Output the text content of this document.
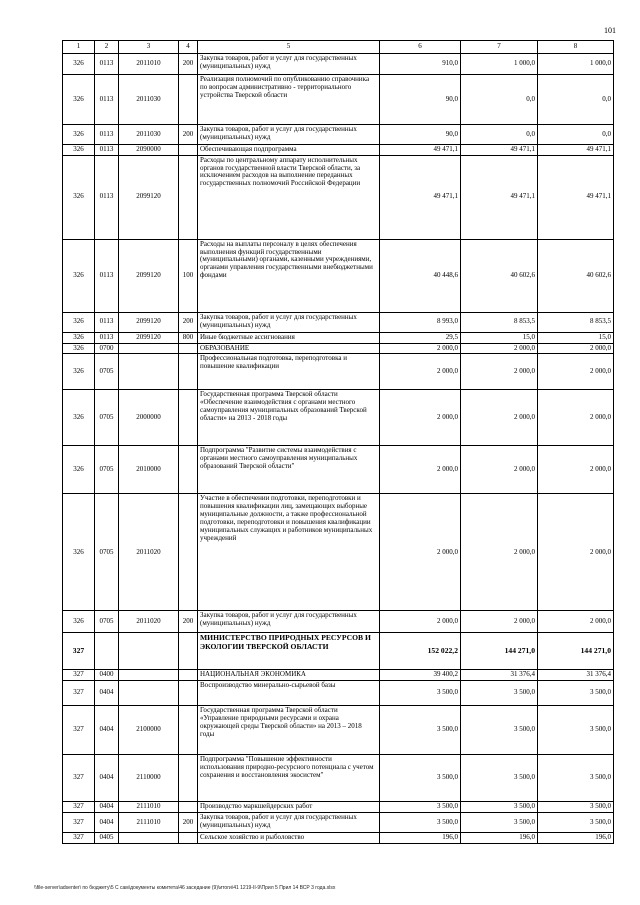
101
1	2	3	4	5	6	7	8
326	0113	2011010	200	Закупка товаров, работ и услуг для государственных (муниципальных) нужд	910,0	1 000,0	1 000,0
326	0113	2011030		Реализация полномочий по опубликованию справочника по вопросам административно - территориального устройства Тверской области	90,0	0,0	0,0
326	0113	2011030	200	Закупка товаров, работ и услуг для государственных (муниципальных) нужд	90,0	0,0	0,0
326	0113	2090000		Обеспечивающая подпрограмма	49 471,1	49 471,1	49 471,1
326	0113	2099120		Расходы по центральному аппарату исполнительных органов государственной власти Тверской области, за исключением расходов на выполнение переданных государственных полномочий Российской Федерации	49 471,1	49 471,1	49 471,1
326	0113	2099120	100	Расходы на выплаты персоналу в целях обеспечения выполнения функций государственными (муниципальными) органами, казенными учреждениями, органами управления государственными внебюджетными фондами	40 448,6	40 602,6	40 602,6
326	0113	2099120	200	Закупка товаров, работ и услуг для государственных (муниципальных) нужд	8 993,0	8 853,5	8 853,5
326	0113	2099120	800	Иные бюджетные ассигнования	29,5	15,0	15,0
326	0700			ОБРАЗОВАНИЕ	2 000,0	2 000,0	2 000,0
326	0705			Профессиональная подготовка, переподготовка и повышение квалификации	2 000,0	2 000,0	2 000,0
326	0705	2000000		Государственная программа Тверской области «Обеспечение взаимодействия с органами местного самоуправления муниципальных образований Тверской области» на 2013 - 2018 годы	2 000,0	2 000,0	2 000,0
326	0705	2010000		Подпрограмма "Развитие системы взаимодействия с органами местного самоуправления муниципальных образований Тверской области"	2 000,0	2 000,0	2 000,0
326	0705	2011020		Участие в обеспечении подготовки, переподготовки и повышения квалификации лиц, замещающих выборные муниципальные должности, а также профессиональной подготовки, переподготовки и повышения квалификации муниципальных служащих и работников муниципальных учреждений	2 000,0	2 000,0	2 000,0
326	0705	2011020	200	Закупка товаров, работ и услуг для государственных (муниципальных) нужд	2 000,0	2 000,0	2 000,0
327				МИНИСТЕРСТВО ПРИРОДНЫХ РЕСУРСОВ И ЭКОЛОГИИ ТВЕРСКОЙ ОБЛАСТИ	152 022,2	144 271,0	144 271,0
327	0400			НАЦИОНАЛЬНАЯ ЭКОНОМИКА	39 400,2	31 376,4	31 376,4
327	0404			Воспроизводство минерально-сырьевой базы	3 500,0	3 500,0	3 500,0
327	0404	2100000		Государственная программа Тверской области «Управление природными ресурсами и охрана окружающей среды Тверской области» на 2013 – 2018 годы	3 500,0	3 500,0	3 500,0
327	0404	2110000		Подпрограмма "Повышение эффективности использования природно-ресурсного потенциала с учетом сохранения и восстановления экосистем"	3 500,0	3 500,0	3 500,0
327	0404	2111010		Производство маркшейдерских работ	3 500,0	3 500,0	3 500,0
327	0404	2111010	200	Закупка товаров, работ и услуг для государственных (муниципальных) нужд	3 500,0	3 500,0	3 500,0
327	0405			Сельское хозяйство и рыболовство	196,0	196,0	196,0
\\file-server\adsenter\ по бюджету\5 С сам\документы комитета\46 заседание (9)\итоги\41 1219-ІІ-9\Прил 5 Прил 14 ВСР 3 года.xlsx
